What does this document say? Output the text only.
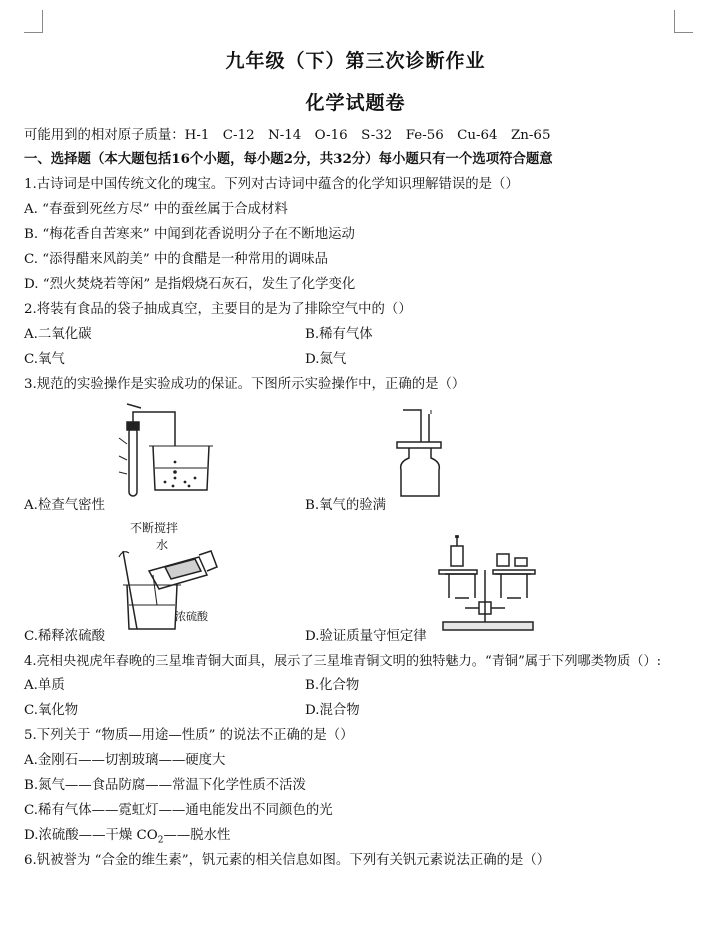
九年级（下）第三次诊断作业
化学试题卷
可能用到的相对原子质量：H-1　C-12　N-14　O-16　S-32　Fe-56　Cu-64　Zn-65
一、选择题（本大题包括16个小题，每小题2分，共32分）每小题只有一个选项符合题意
1.古诗词是中国传统文化的瑰宝。下列对古诗词中蕴含的化学知识理解错误的是（）
A. “春蚕到死丝方尽” 中的蚕丝属于合成材料
B. “梅花香自苦寒来” 中闻到花香说明分子在不断地运动
C. “添得醋来风韵美” 中的食醋是一种常用的调味品
D. “烈火焚烧若等闲” 是指煅烧石灰石，发生了化学变化
2.将装有食品的袋子抽成真空，主要目的是为了排除空气中的（）
A.二氧化碳	B.稀有气体
C.氧气	D.氮气
3.规范的实验操作是实验成功的保证。下图所示实验操作中，正确的是（）
A.检查气密性	B.氧气的验满
不断搅拌
水
浓硫酸
C.稀释浓硫酸	D.验证质量守恒定律
4.亮相央视虎年春晚的三星堆青铜大面具，展示了三星堆青铜文明的独特魅力。“青铜”属于下列哪类物质（）:
A.单质	B.化合物
C.氧化物	D.混合物
5.下列关于 “物质—用途—性质” 的说法不正确的是（）
A.金刚石——切割玻璃——硬度大
B.氮气——食品防腐——常温下化学性质不活泼
C.稀有气体——霓虹灯——通电能发出不同颜色的光
D.浓硫酸——干燥 $CO_2——$脱水性
6.钒被誉为 “合金的维生素”，钒元素的相关信息如图。下列有关钒元素说法正确的是（）
